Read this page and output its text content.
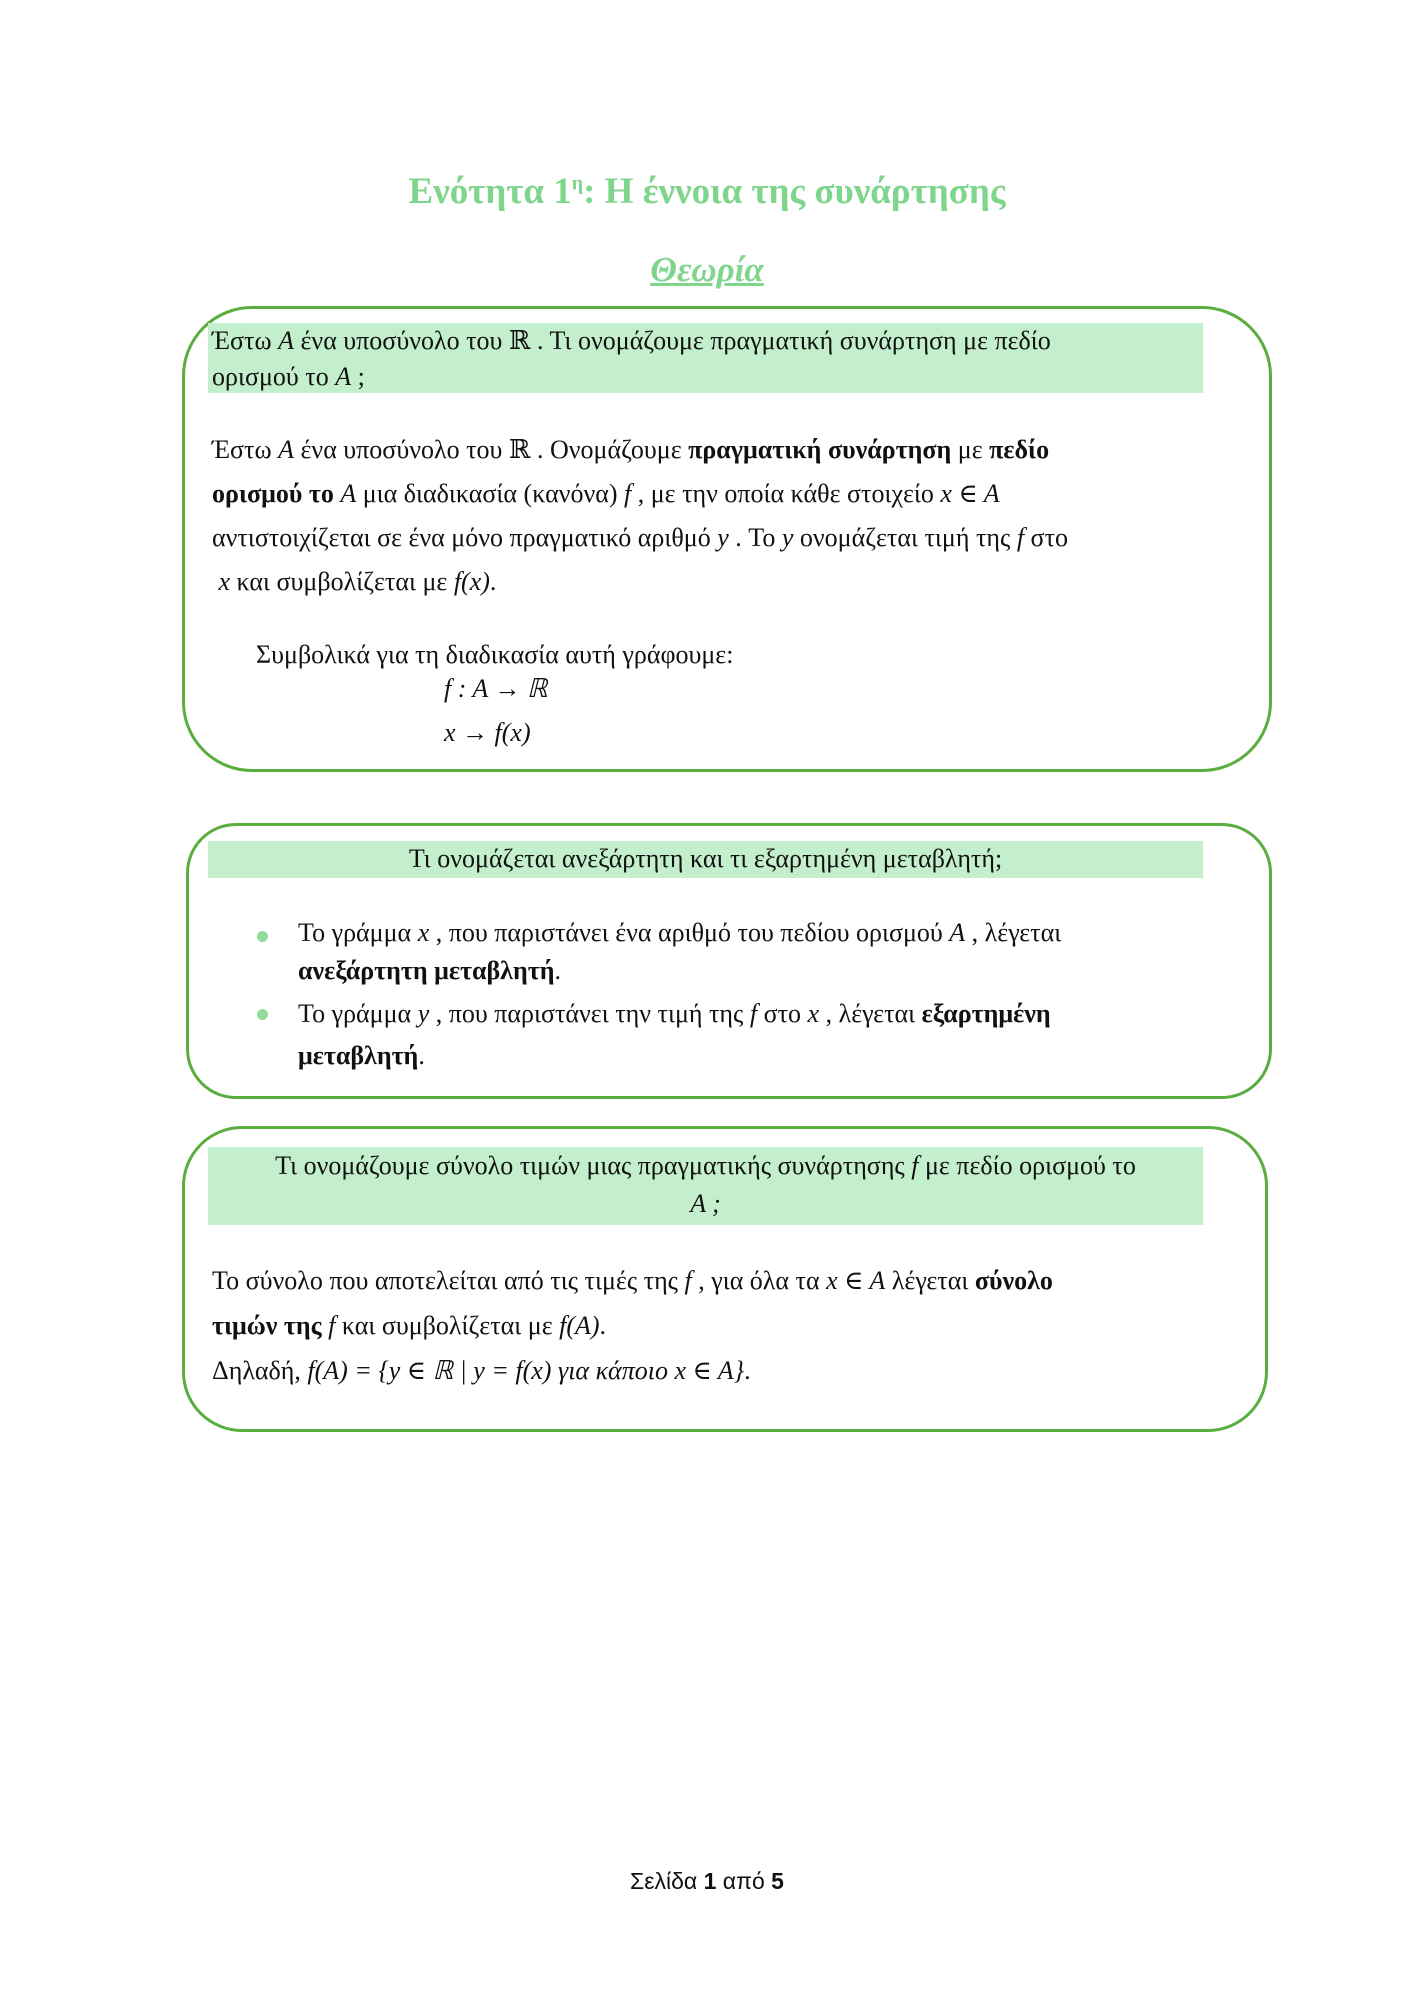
Ενότητα $1^\eta$: Η έννοια της συνάρτησης
Θεωρία
Έστω A ένα υποσύνολο του ℝ . Τι ονομάζουμε πραγματική συνάρτηση με πεδίο
ορισμού το A ;
Έστω A ένα υποσύνολο του ℝ . Ονομάζουμε πραγματική συνάρτηση με πεδίο
ορισμού το A μια διαδικασία (κανόνα) f , με την οποία κάθε στοιχείο x ∈ A
αντιστοιχίζεται σε ένα μόνο πραγματικό αριθμό y . Το y ονομάζεται τιμή της f στο
x και συμβολίζεται με f(x).
Συμβολικά για τη διαδικασία αυτή γράφουμε:
f : A → ℝ
x → f(x)
Τι ονομάζεται ανεξάρτητη και τι εξαρτημένη μεταβλητή;
Το γράμμα x , που παριστάνει ένα αριθμό του πεδίου ορισμού A , λέγεται
ανεξάρτητη μεταβλητή.
Το γράμμα y , που παριστάνει την τιμή της f στο x , λέγεται εξαρτημένη
μεταβλητή.
Τι ονομάζουμε σύνολο τιμών μιας πραγματικής συνάρτησης f με πεδίο ορισμού το
A ;
Το σύνολο που αποτελείται από τις τιμές της f , για όλα τα x ∈ A λέγεται σύνολο
τιμών της f και συμβολίζεται με f(A).
Δηλαδή, f(A) = {y ∈ ℝ | y = f(x) για κάποιο x ∈ A}.
Σελίδα 1 από 5
